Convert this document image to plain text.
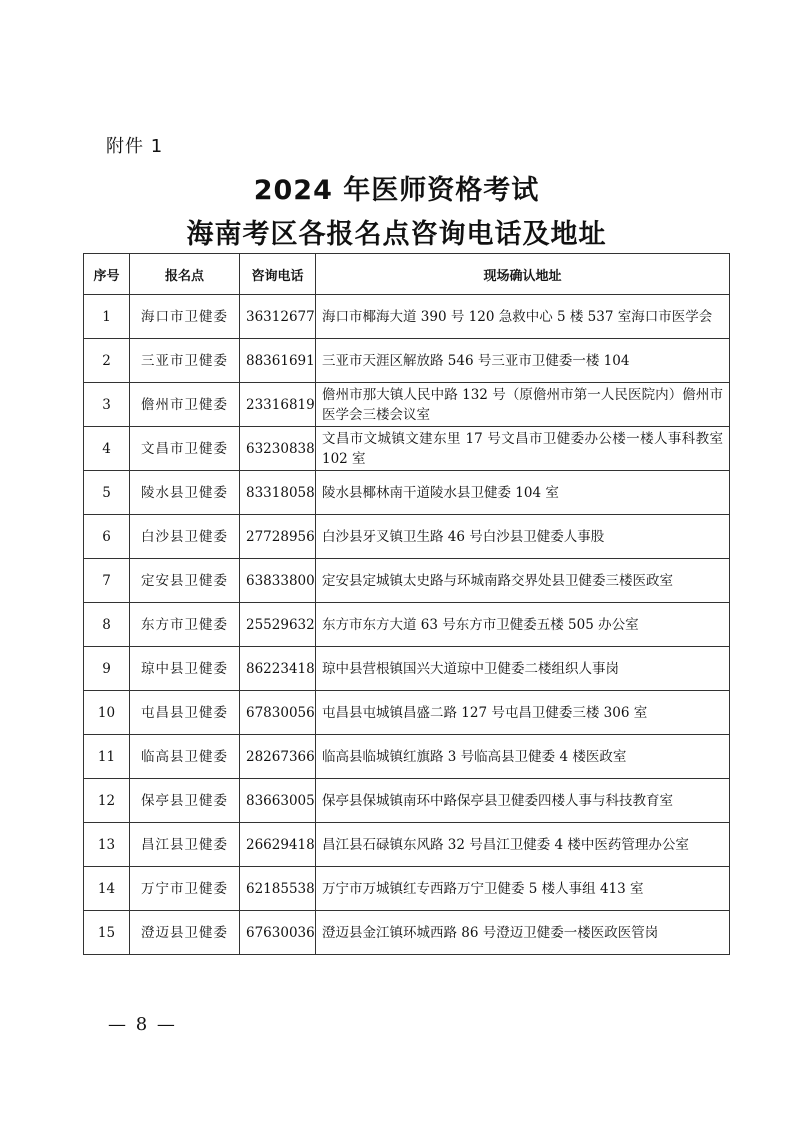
附件 1
2024 年医师资格考试
海南考区各报名点咨询电话及地址
序号	报名点	咨询电话	现场确认地址
1	海口市卫健委	36312677	海口市椰海大道 390 号 120 急救中心 5 楼 537 室海口市医学会
2	三亚市卫健委	88361691	三亚市天涯区解放路 546 号三亚市卫健委一楼 104
3	儋州市卫健委	23316819	儋州市那大镇人民中路 132 号（原儋州市第一人民医院内）儋州市医学会三楼会议室
4	文昌市卫健委	63230838	文昌市文城镇文建东里 17 号文昌市卫健委办公楼一楼人事科教室 102 室
5	陵水县卫健委	83318058	陵水县椰林南干道陵水县卫健委 104 室
6	白沙县卫健委	27728956	白沙县牙叉镇卫生路 46 号白沙县卫健委人事股
7	定安县卫健委	63833800	定安县定城镇太史路与环城南路交界处县卫健委三楼医政室
8	东方市卫健委	25529632	东方市东方大道 63 号东方市卫健委五楼 505 办公室
9	琼中县卫健委	86223418	琼中县营根镇国兴大道琼中卫健委二楼组织人事岗
10	屯昌县卫健委	67830056	屯昌县屯城镇昌盛二路 127 号屯昌卫健委三楼 306 室
11	临高县卫健委	28267366	临高县临城镇红旗路 3 号临高县卫健委 4 楼医政室
12	保亭县卫健委	83663005	保亭县保城镇南环中路保亭县卫健委四楼人事与科技教育室
13	昌江县卫健委	26629418	昌江县石碌镇东风路 32 号昌江卫健委 4 楼中医药管理办公室
14	万宁市卫健委	62185538	万宁市万城镇红专西路万宁卫健委 5 楼人事组 413 室
15	澄迈县卫健委	67630036	澄迈县金江镇环城西路 86 号澄迈卫健委一楼医政医管岗
— 8 —
